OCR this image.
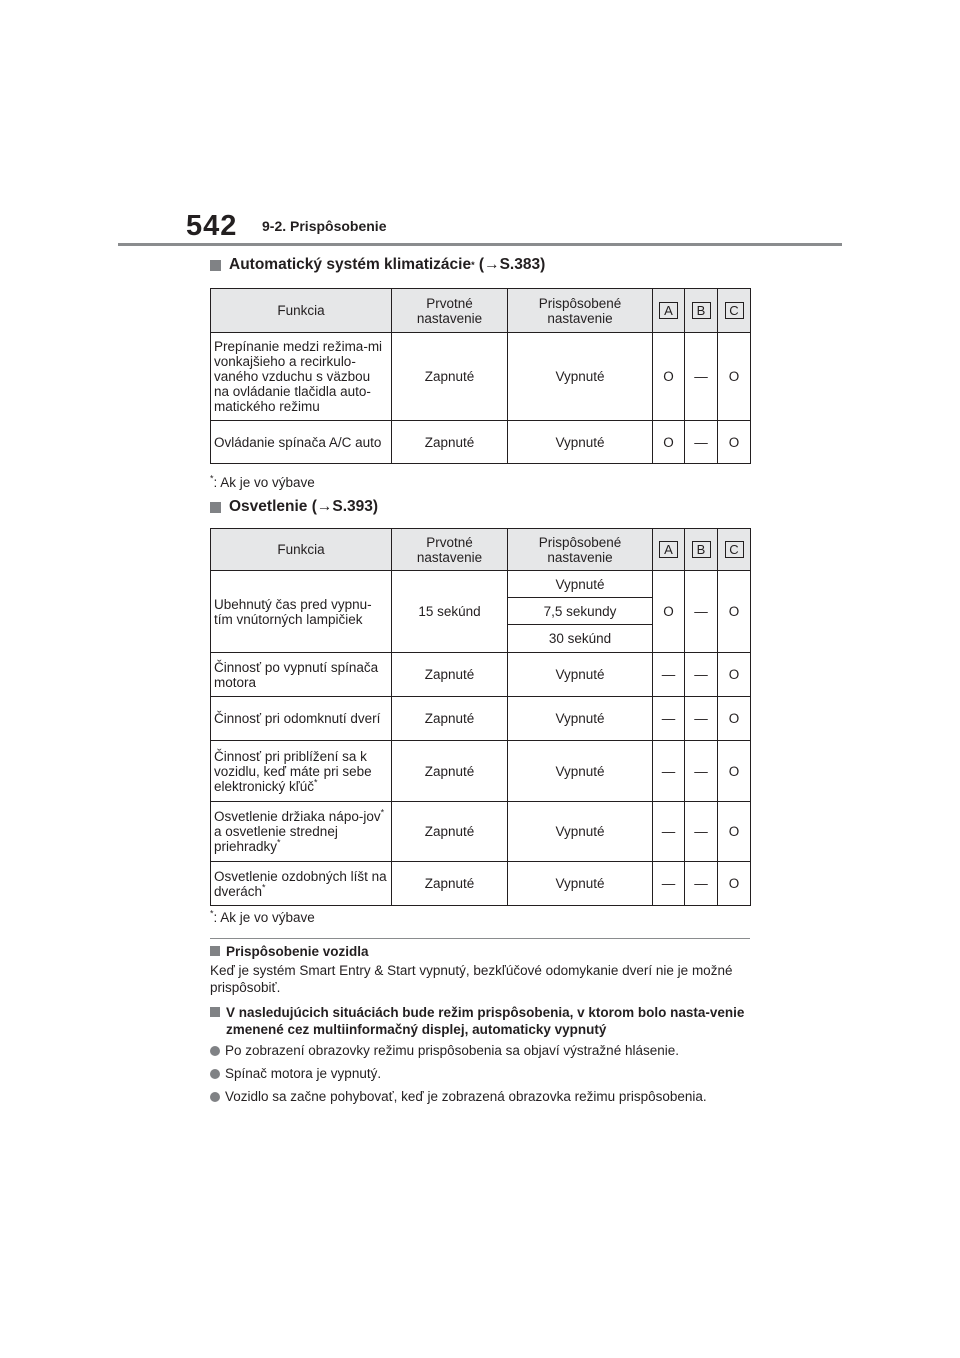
542 9-2. Prispôsobenie
Automatický systém klimatizácie * ( → S.383)
Funkcia	Prvotné nastavenie	Prispôsobené nastavenie	A	B	C
Prepínanie medzi režima-mi vonkajšieho a recirkulo-vaného vzduchu s väzbou na ovládanie tlačidla auto-matického režimu	Zapnuté	Vypnuté	O	—	O
Ovládanie spínača A/C auto	Zapnuté	Vypnuté	O	—	O
*: Ak je vo výbave
Osvetlenie ( → S.393)
Funkcia	Prvotné nastavenie	Prispôsobené nastavenie	A	B	C
Ubehnutý čas pred vypnu-tím vnútorných lampičiek	15 sekúnd	Vypnuté	O	—	O
		7,5 sekundy			
		30 sekúnd			
Činnosť po vypnutí spínača motora	Zapnuté	Vypnuté	—	—	O
Činnosť pri odomknutí dverí	Zapnuté	Vypnuté	—	—	O
Činnosť pri priblížení sa k vozidlu, keď máte pri sebe elektronický kľúč*	Zapnuté	Vypnuté	—	—	O
Osvetlenie držiaka nápo-jov* a osvetlenie strednej priehradky*	Zapnuté	Vypnuté	—	—	O
Osvetlenie ozdobných líšt na dverách*	Zapnuté	Vypnuté	—	—	O
*: Ak je vo výbave
Prispôsobenie vozidla
Keď je systém Smart Entry & Start vypnutý, bezkľúčové odomykanie dverí nie je možné prispôsobiť.
V nasledujúcich situáciách bude režim prispôsobenia, v ktorom bolo nasta-venie zmenené cez multiinformačný displej, automaticky vypnutý
Po zobrazení obrazovky režimu prispôsobenia sa objaví výstražné hlásenie.
Spínač motora je vypnutý.
Vozidlo sa začne pohybovať, keď je zobrazená obrazovka režimu prispôsobenia.
